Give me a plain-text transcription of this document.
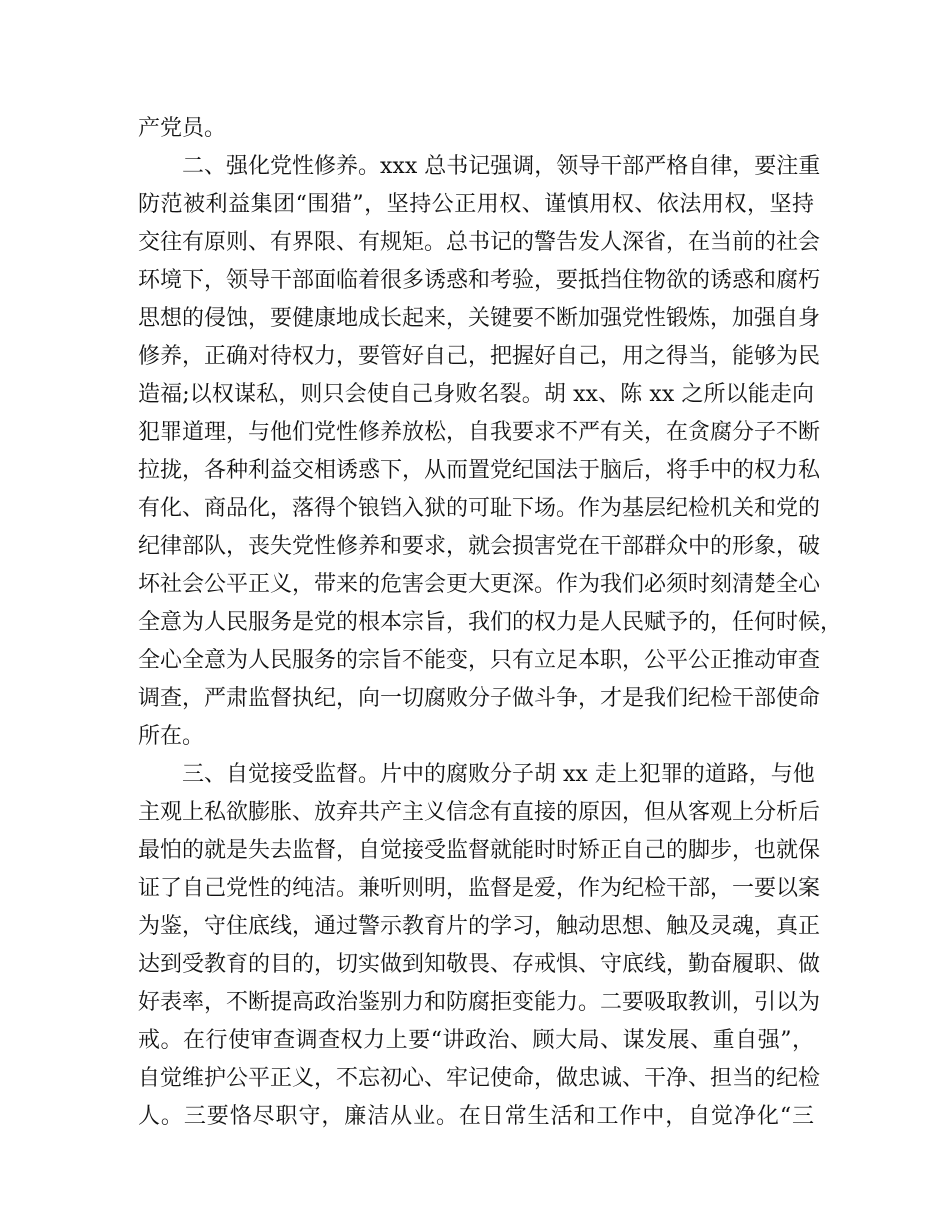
产党员。
二、强化党性修养。xxx 总书记强调，领导干部严格自律，要注重
防范被利益集团“围猎”，坚持公正用权、谨慎用权、依法用权，坚持
交往有原则、有界限、有规矩。总书记的警告发人深省，在当前的社会
环境下，领导干部面临着很多诱惑和考验，要抵挡住物欲的诱惑和腐朽
思想的侵蚀，要健康地成长起来，关键要不断加强党性锻炼，加强自身
修养，正确对待权力，要管好自己，把握好自己，用之得当，能够为民
造福;以权谋私，则只会使自己身败名裂。胡 xx、陈 xx 之所以能走向
犯罪道理，与他们党性修养放松，自我要求不严有关，在贪腐分子不断
拉拢，各种利益交相诱惑下，从而置党纪国法于脑后，将手中的权力私
有化、商品化，落得个锒铛入狱的可耻下场。作为基层纪检机关和党的
纪律部队，丧失党性修养和要求，就会损害党在干部群众中的形象，破
坏社会公平正义，带来的危害会更大更深。作为我们必须时刻清楚全心
全意为人民服务是党的根本宗旨，我们的权力是人民赋予的，任何时候，
全心全意为人民服务的宗旨不能变，只有立足本职，公平公正推动审查
调查，严肃监督执纪，向一切腐败分子做斗争，才是我们纪检干部使命
所在。
三、自觉接受监督。片中的腐败分子胡 xx 走上犯罪的道路，与他
主观上私欲膨胀、放弃共产主义信念有直接的原因，但从客观上分析后
最怕的就是失去监督，自觉接受监督就能时时矫正自己的脚步，也就保
证了自己党性的纯洁。兼听则明，监督是爱，作为纪检干部，一要以案
为鉴，守住底线，通过警示教育片的学习，触动思想、触及灵魂，真正
达到受教育的目的，切实做到知敬畏、存戒惧、守底线，勤奋履职、做
好表率，不断提高政治鉴别力和防腐拒变能力。二要吸取教训，引以为
戒。在行使审查调查权力上要“讲政治、顾大局、谋发展、重自强”，
自觉维护公平正义，不忘初心、牢记使命，做忠诚、干净、担当的纪检
人。三要恪尽职守，廉洁从业。在日常生活和工作中，自觉净化“三
